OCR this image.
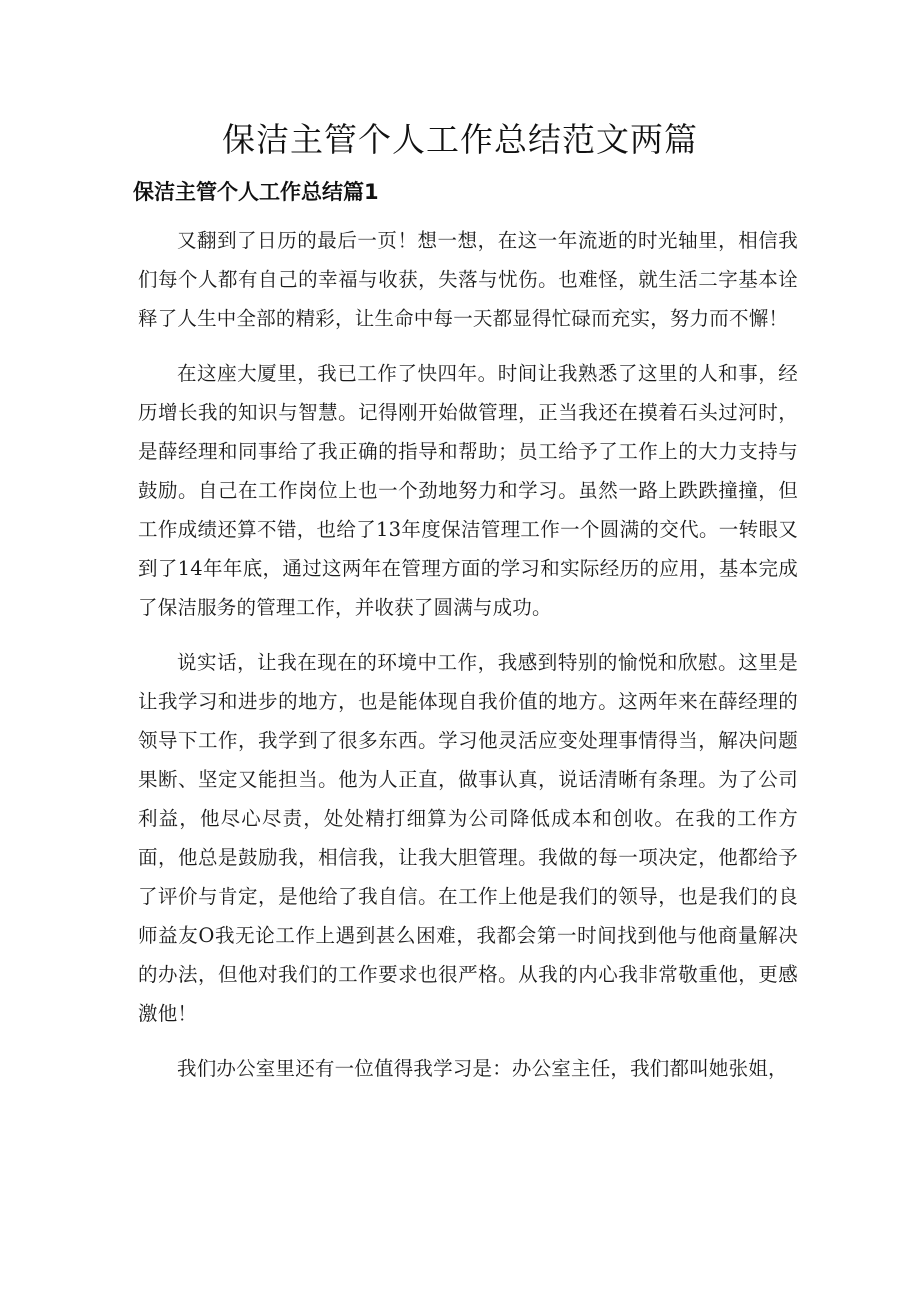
保洁主管个人工作总结范文两篇
保洁主管个人工作总结篇1

又翻到了日历的最后一页！想一想，在这一年流逝的时光轴里，相信我们每个人都有自己的幸福与收获，失落与忧伤。也难怪，就生活二字基本诠释了人生中全部的精彩，让生命中每一天都显得忙碌而充实，努力而不懈！

在这座大厦里，我已工作了快四年。时间让我熟悉了这里的人和事，经历增长我的知识与智慧。记得刚开始做管理，正当我还在摸着石头过河时，是薛经理和同事给了我正确的指导和帮助；员工给予了工作上的大力支持与鼓励。自己在工作岗位上也一个劲地努力和学习。虽然一路上跌跌撞撞，但工作成绩还算不错，也给了13年度保洁管理工作一个圆满的交代。一转眼又到了14年年底，通过这两年在管理方面的学习和实际经历的应用，基本完成了保洁服务的管理工作，并收获了圆满与成功。

说实话，让我在现在的环境中工作，我感到特别的愉悦和欣慰。这里是让我学习和进步的地方，也是能体现自我价值的地方。这两年来在薛经理的领导下工作，我学到了很多东西。学习他灵活应变处理事情得当，解决问题果断、坚定又能担当。他为人正直，做事认真，说话清晰有条理。为了公司利益，他尽心尽责，处处精打细算为公司降低成本和创收。在我的工作方面，他总是鼓励我，相信我，让我大胆管理。我做的每一项决定，他都给予了评价与肯定，是他给了我自信。在工作上他是我们的领导，也是我们的良师益友O我无论工作上遇到甚么困难，我都会第一时间找到他与他商量解决的办法，但他对我们的工作要求也很严格。从我的内心我非常敬重他，更感激他！

我们办公室里还有一位值得我学习是：办公室主任，我们都叫她张姐，
